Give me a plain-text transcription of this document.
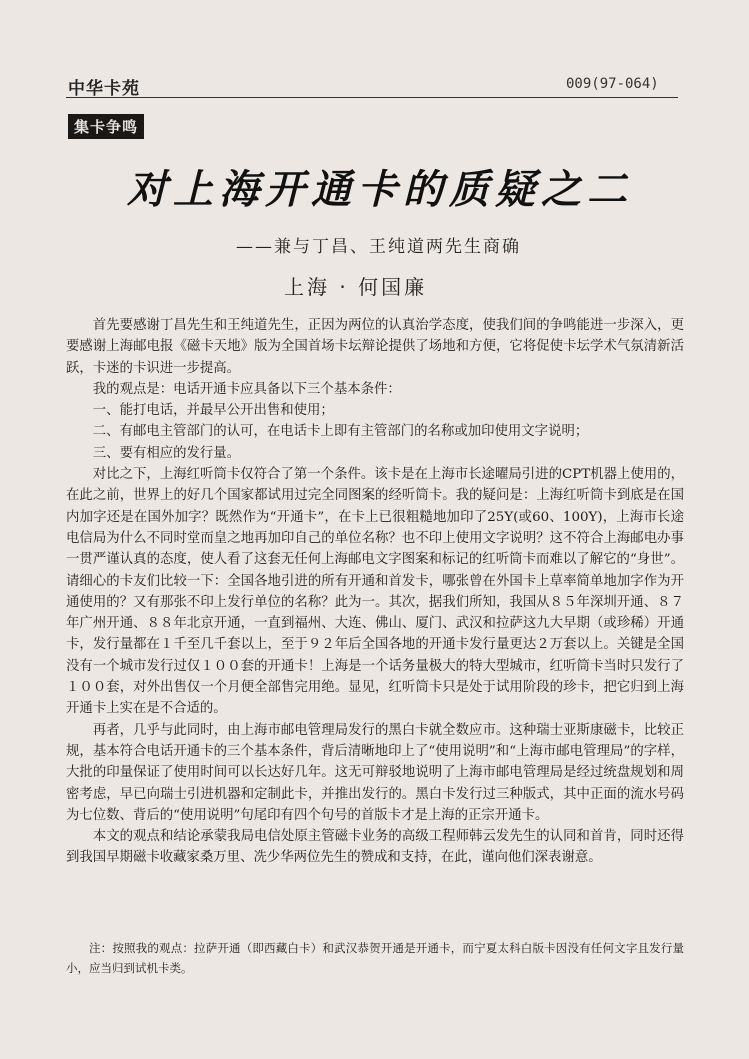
中华卡苑	009(97-064)
集卡争鸣
对上海开通卡的质疑之二
——兼与丁昌、王纯道两先生商确
上海 · 何国廉

首先要感谢丁昌先生和王纯道先生，正因为两位的认真治学态度，使我们间的争鸣能进一步深入，更要感谢上海邮电报《磁卡天地》版为全国首场卡坛辩论提供了场地和方便，它将促使卡坛学术气氛清新活跃，卡迷的卡识进一步提高。

我的观点是：电话开通卡应具备以下三个基本条件：

一、能打电话，并最早公开出售和使用；

二、有邮电主管部门的认可，在电话卡上即有主管部门的名称或加印使用文字说明；

三、要有相应的发行量。

对比之下，上海红听筒卡仅符合了第一个条件。该卡是在上海市长途曜局引进的CPT机器上使用的，在此之前，世界上的好几个国家都试用过完全同图案的经听筒卡。我的疑问是：上海红听筒卡到底是在国内加字还是在国外加字？既然作为“开通卡”，在卡上已很粗糙地加印了25Y(或60、100Y)，上海市长途电信局为什么不同时堂而皇之地再加印自己的单位名称？也不印上使用文字说明？这不符合上海邮电办事一贯严谨认真的态度，使人看了这套无任何上海邮电文字图案和标记的红听筒卡而难以了解它的“身世”。请细心的卡友们比较一下：全国各地引进的所有开通和首发卡，哪张曾在外国卡上草率简单地加字作为开通使用的？又有那张不印上发行单位的名称？此为一。其次，据我们所知，我国从８５年深圳开通、８７年广州开通、８８年北京开通，一直到福州、大连、佛山、厦门、武汉和拉萨这九大早期（或珍稀）开通卡，发行量都在１千至几千套以上，至于９２年后全国各地的开通卡发行量更达２万套以上。关键是全国没有一个城市发行过仅１００套的开通卡！上海是一个话务量极大的特大型城市，红听筒卡当时只发行了１００套，对外出售仅一个月便全部售完用绝。显见，红听筒卡只是处于试用阶段的珍卡，把它归到上海开通卡上实在是不合适的。

再者，几乎与此同时，由上海市邮电管理局发行的黑白卡就全数应市。这种瑞士亚斯康磁卡，比较正规，基本符合电话开通卡的三个基本条件，背后清晰地印上了“使用说明”和“上海市邮电管理局”的字样，大批的印量保证了使用时间可以长达好几年。这无可辩驳地说明了上海市邮电管理局是经过统盘规划和周密考虑，早已向瑞士引进机器和定制此卡，并推出发行的。黑白卡发行过三种版式，其中正面的流水号码为七位数、背后的“使用说明”句尾印有四个句号的首版卡才是上海的正宗开通卡。

本文的观点和结论承蒙我局电信处原主管磁卡业务的高级工程师韩云发先生的认同和首肯，同时还得到我国早期磁卡收藏家桑万里、冼少华两位先生的赞成和支持，在此，谨向他们深表谢意。

注：按照我的观点：拉萨开通（即西藏白卡）和武汉恭贺开通是开通卡，而宁夏太科白版卡因没有任何文字且发行量小，应当归到试机卡类。
